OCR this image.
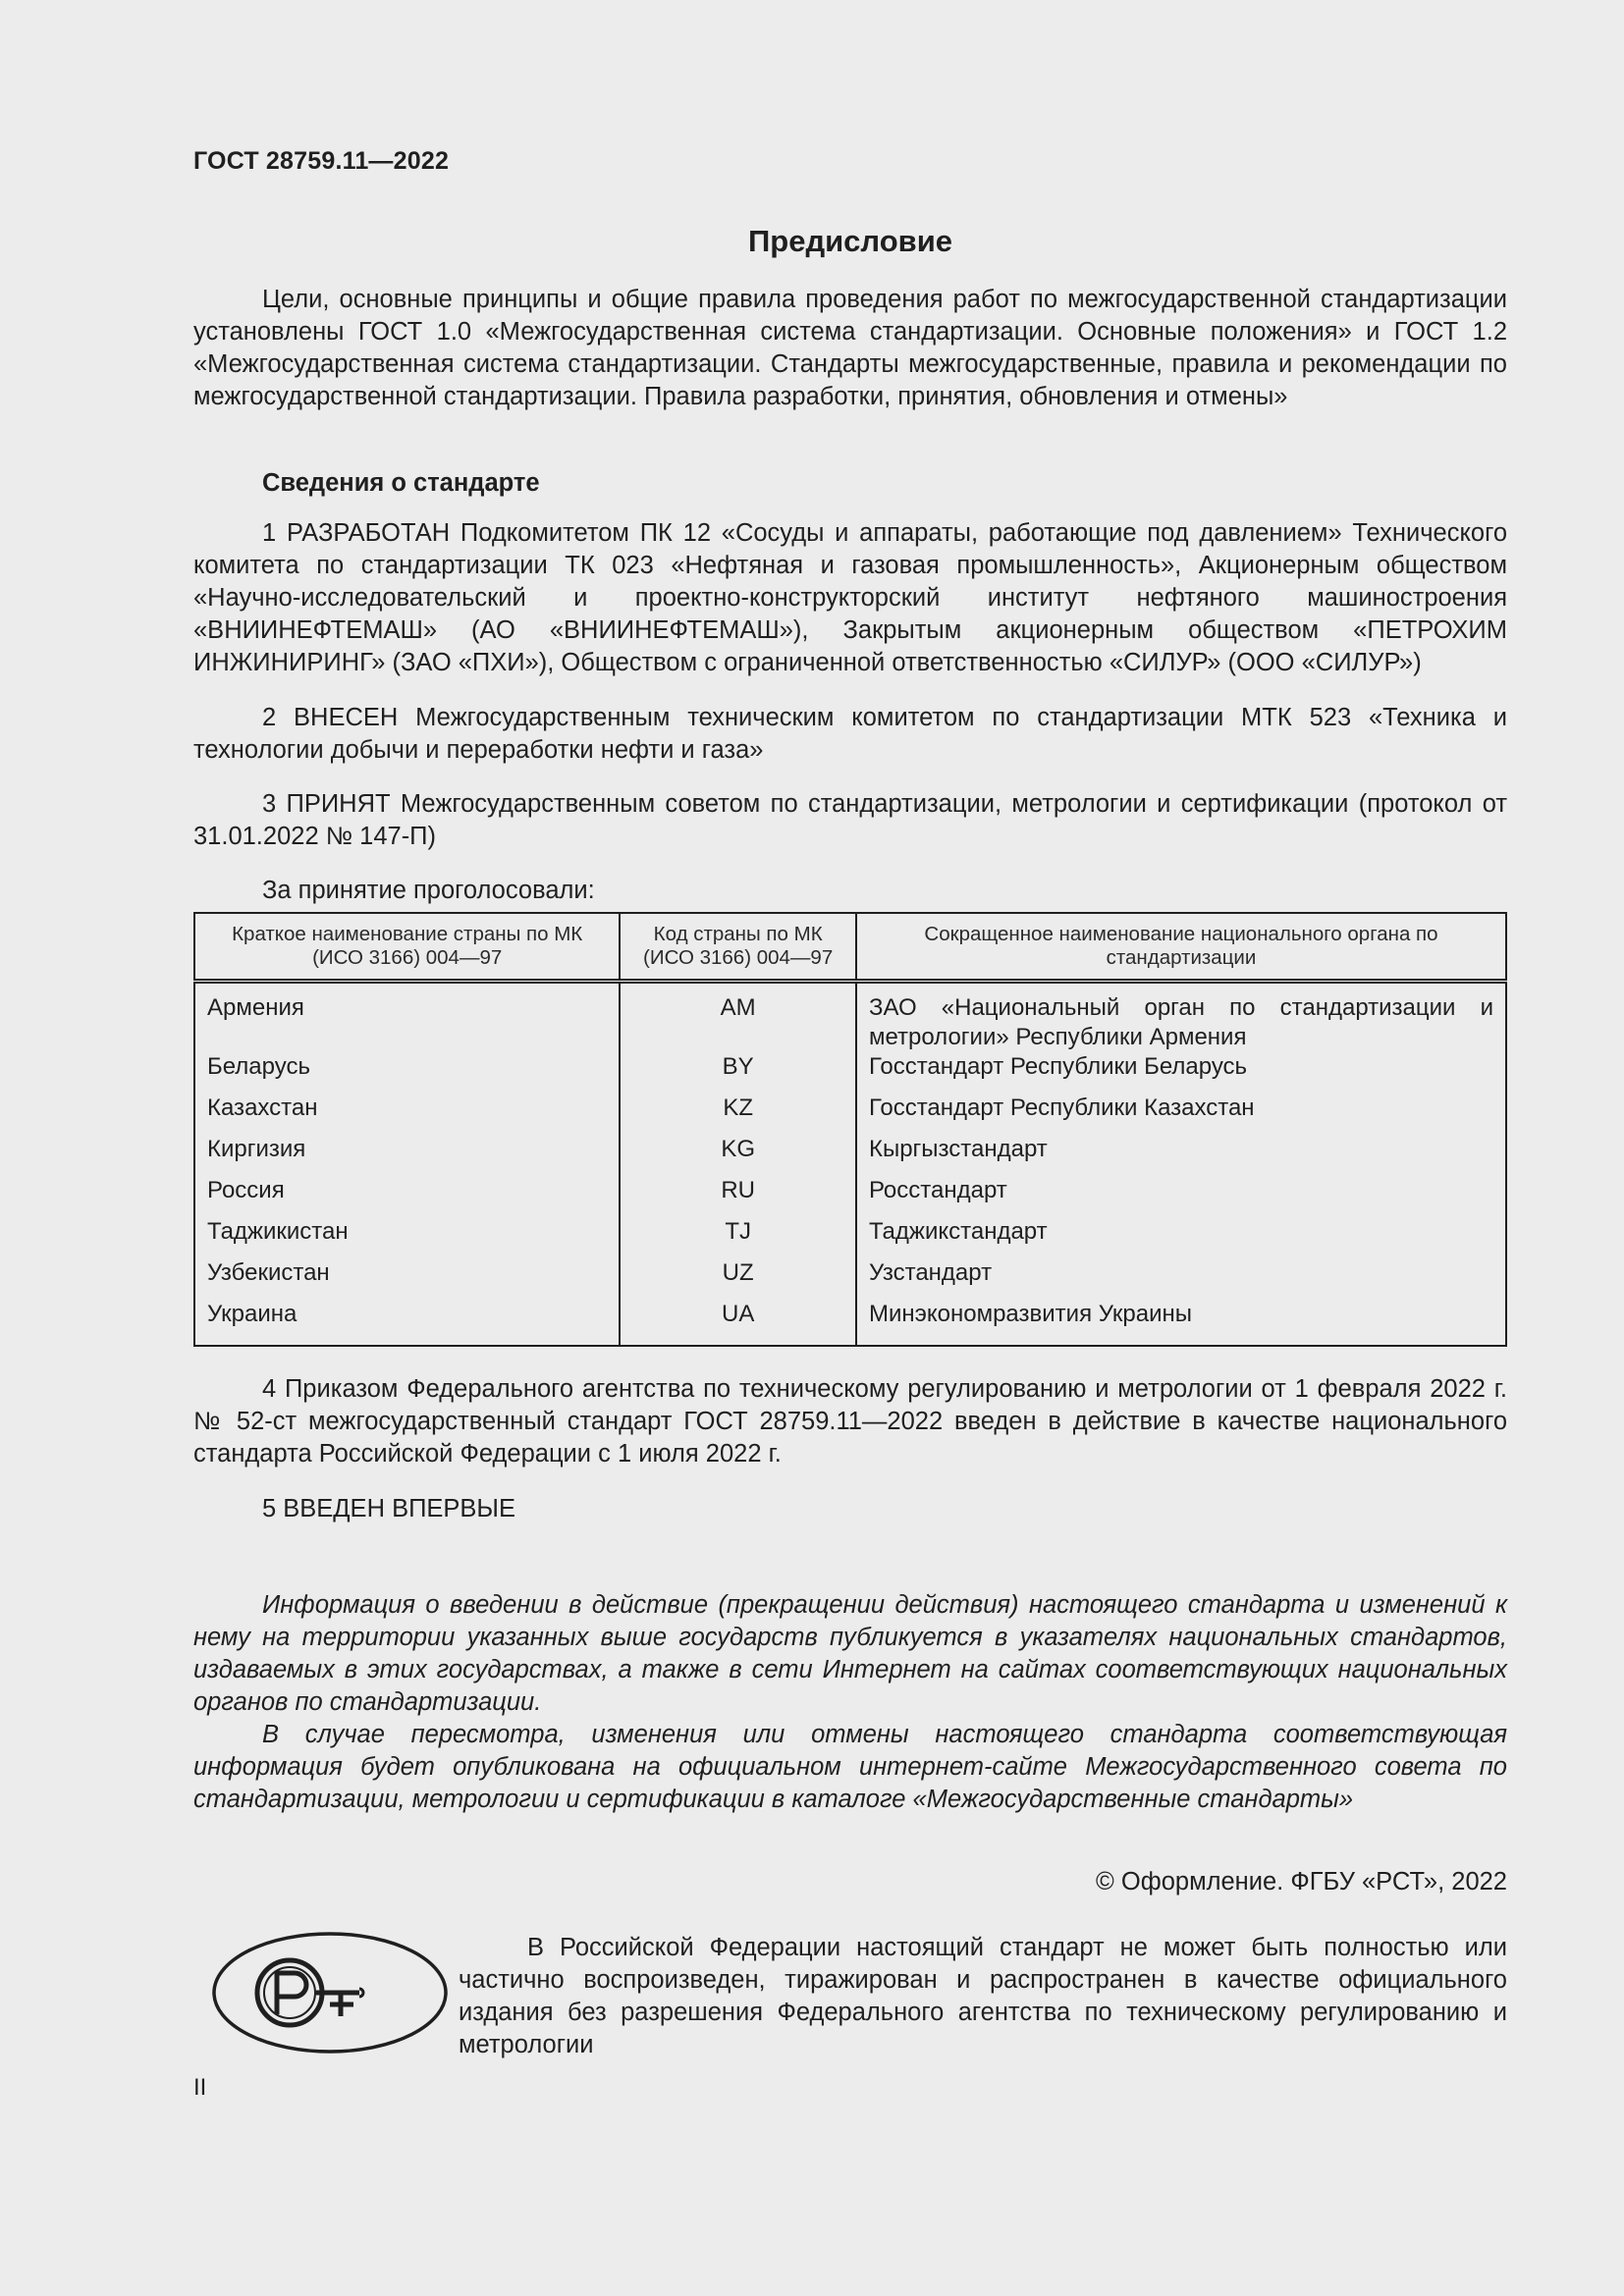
ГОСТ 28759.11—2022
Предисловие

Цели, основные принципы и общие правила проведения работ по межгосударственной стандартизации установлены ГОСТ 1.0 «Межгосударственная система стандартизации. Основные положения» и ГОСТ 1.2 «Межгосударственная система стандартизации. Стандарты межгосударственные, правила и рекомендации по межгосударственной стандартизации. Правила разработки, принятия, обновления и отмены»

Сведения о стандарте

1 РАЗРАБОТАН Подкомитетом ПК 12 «Сосуды и аппараты, работающие под давлением» Технического комитета по стандартизации ТК 023 «Нефтяная и газовая промышленность», Акционерным обществом «Научно-исследовательский и проектно-конструкторский институт нефтяного машиностроения «ВНИИНЕФТЕМАШ» (АО «ВНИИНЕФТЕМАШ»), Закрытым акционерным обществом «ПЕТРОХИМ ИНЖИНИРИНГ» (ЗАО «ПХИ»), Обществом с ограниченной ответственностью «СИЛУР» (ООО «СИЛУР»)

2 ВНЕСЕН Межгосударственным техническим комитетом по стандартизации МТК 523 «Техника и технологии добычи и переработки нефти и газа»

3 ПРИНЯТ Межгосударственным советом по стандартизации, метрологии и сертификации (протокол от 31.01.2022 № 147-П)

За принятие проголосовали:

Краткое наименование страны по МК (ИСО 3166) 004—97	Код страны по МК (ИСО 3166) 004—97	Сокращенное наименование национального органа по стандартизации
Армения	AM	ЗАО «Национальный орган по стандартизации и метрологии» Республики Армения
Беларусь	BY	Госстандарт Республики Беларусь
Казахстан	KZ	Госстандарт Республики Казахстан
Киргизия	KG	Кыргызстандарт
Россия	RU	Росстандарт
Таджикистан	TJ	Таджикстандарт
Узбекистан	UZ	Узстандарт
Украина	UA	Минэкономразвития Украины

4 Приказом Федерального агентства по техническому регулированию и метрологии от 1 февраля 2022 г. № 52-ст межгосударственный стандарт ГОСТ 28759.11—2022 введен в действие в качестве национального стандарта Российской Федерации с 1 июля 2022 г.

5 ВВЕДЕН ВПЕРВЫЕ

Информация о введении в действие (прекращении действия) настоящего стандарта и изменений к нему на территории указанных выше государств публикуется в указателях национальных стандартов, издаваемых в этих государствах, а также в сети Интернет на сайтах соответствующих национальных органов по стандартизации.

В случае пересмотра, изменения или отмены настоящего стандарта соответствующая информация будет опубликована на официальном интернет-сайте Межгосударственного совета по стандартизации, метрологии и сертификации в каталоге «Межгосударственные стандарты»

© Оформление. ФГБУ «РСТ», 2022

В Российской Федерации настоящий стандарт не может быть полностью или частично воспроизведен, тиражирован и распространен в качестве официального издания без разрешения Федерального агентства по техническому регулированию и метрологии

II
